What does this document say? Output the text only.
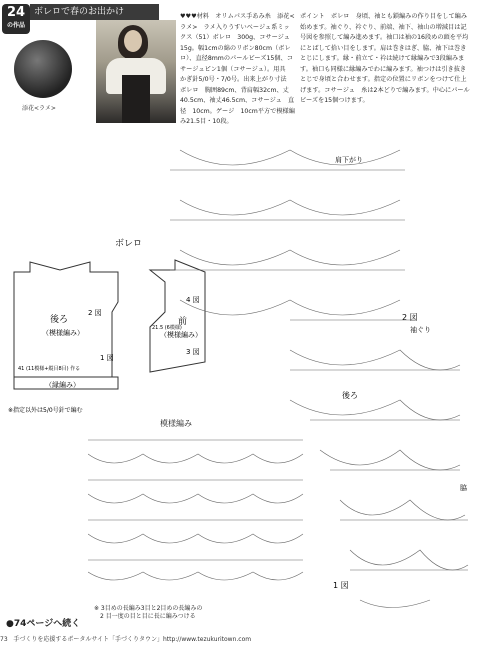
24
の作品
ボレロで春のお出かけ
添花<ラメ>
♥♥♥材料　オリムパス手あみ糸　添花<ラメ>　ラメ入りうすいベージュ系ミックス（51）ボレロ　300g、コサージュ　15g。幅1cmの綿のリボン80cm（ボレロ）、直径8mmのパールビーズ15個、コサージュピン1個（コサージュ）。用具　かぎ針5/0号・7/0号。出来上がり寸法　ボレロ　胸囲89cm、背肩幅32cm、丈40.5cm、袖丈46.5cm、コサージュ　直径　10cm。ゲージ　10cm平方で模様編み21.5目・10段。
ポイント　ボレロ　身頃、袖とも鎖編みの作り目をして編み始めます。袖ぐり、衿ぐり、前端、袖下、袖山の増減目は記号図を参照して編み進めます。袖口は袖の16段めの頭を平均にとばして拾い目をします。肩は巻きはぎ、脇、袖下は巻きとじにします。縁・前立て・衿は続けて縁編みで3段編みます。袖口も同様に縁編みでわに編みます。袖つけは引き抜きとじで身頃と合わせます。指定の位置にリボンをつけて仕上げます。コサージュ　糸は2本どりで編みます。中心にパールビーズを15個つけます。
ボレロ
後ろ
（模様編み）
（縁編み）
2 図
1 図
41 (11模様+縦目8目) 作る
前
（模様編み）
4 図
3 図
21.5 (6模様)
※指定以外は5/0号針で編む
肩下がり
2 図
袖ぐり
後ろ
脇
1 図
模様編み
※ 3目めの長編み3目と2目めの長編みの
　2 目一度の目と目に長に編みつける
●74ページへ続く
73 手づくりを応援するポータルサイト「手づくりタウン」http://www.tezukuritown.com
